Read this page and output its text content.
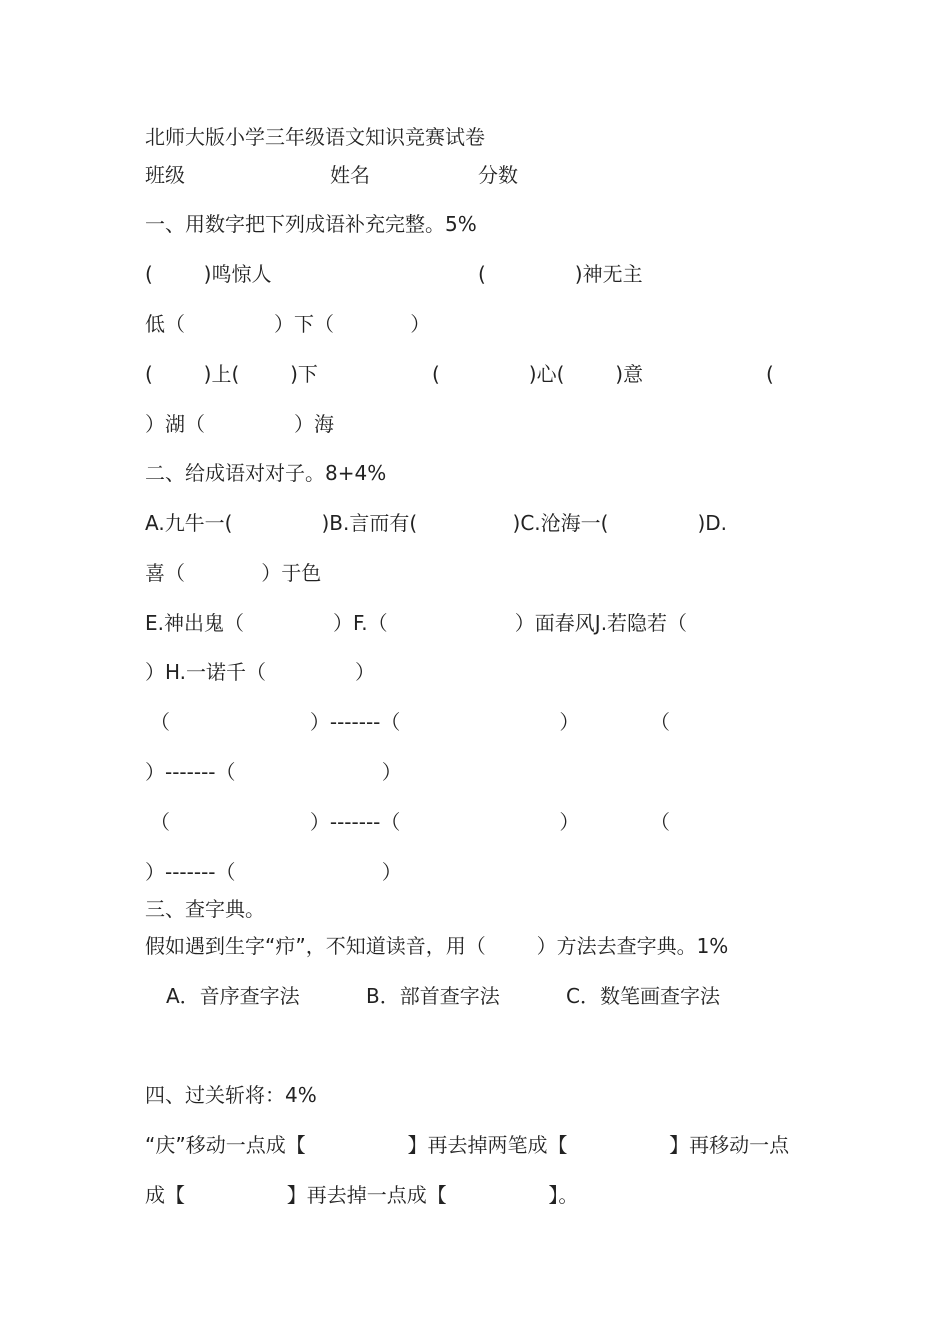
北师大版小学三年级语文知识竞赛试卷
班级	姓名	分数
一、用数字把下列成语补充完整。5%
(        )鸣惊人	(              )神无主
低（              ）下（            ）
(        )上(        )下	(              )心(        )意	(
）湖（              ）海
二、给成语对对子。8+4%
A.九牛一(              )B.言而有(               )C.沧海一(              )D.
喜（            ）于色
E.神出鬼（              ）F.（                    ）面春风J.若隐若（
）H.一诺千（              ）
（                      ）-------（                         ）	（
）-------（                       ）
（                      ）-------（                         ）	（
）-------（                       ）
三、查字典。
假如遇到生字“疖”，不知道读音，用（        ）方法去查字典。1%
A．音序查字法	B．部首查字法	C．数笔画查字法
四、过关斩将：4%
“庆”移动一点成【                】再去掉两笔成【                】再移动一点
成【                】再去掉一点成【                】。
